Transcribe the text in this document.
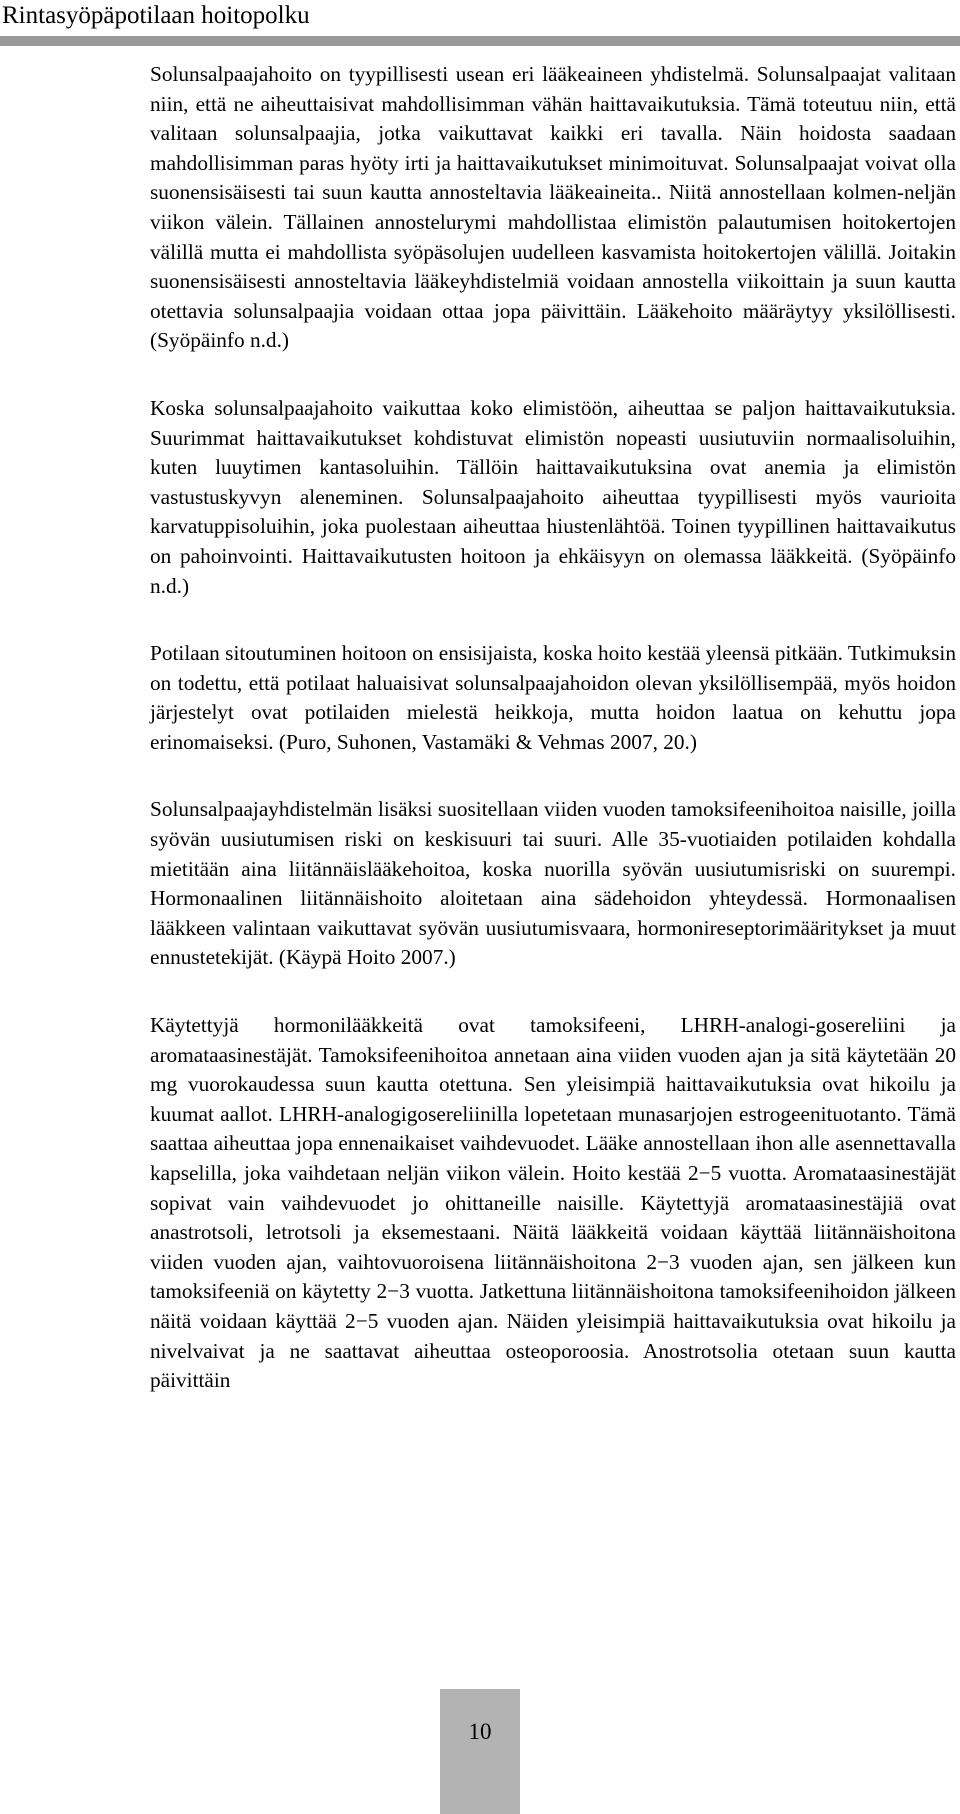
Rintasyöpäpotilaan hoitopolku

Solunsalpaajahoito on tyypillisesti usean eri lääkeaineen yhdistelmä. Solunsalpaajat valitaan niin, että ne aiheuttaisivat mahdollisimman vähän haittavaikutuksia. Tämä toteutuu niin, että valitaan solunsalpaajia, jotka vaikuttavat kaikki eri tavalla. Näin hoidosta saadaan mahdollisimman paras hyöty irti ja haittavaikutukset minimoituvat. Solunsalpaajat voivat olla suonensisäisesti tai suun kautta annosteltavia lääkeaineita.. Niitä annostellaan kolmen-neljän viikon välein. Tällainen annostelurymi mahdollistaa elimistön palautumisen hoitokertojen välillä mutta ei mahdollista syöpäsolujen uudelleen kasvamista hoitokertojen välillä. Joitakin suonensisäisesti annosteltavia lääkeyhdistelmiä voidaan annostella viikoittain ja suun kautta otettavia solunsalpaajia voidaan ottaa jopa päivittäin. Lääkehoito määräytyy yksilöllisesti. (Syöpäinfo n.d.)

Koska solunsalpaajahoito vaikuttaa koko elimistöön, aiheuttaa se paljon haittavaikutuksia. Suurimmat haittavaikutukset kohdistuvat elimistön nopeasti uusiutuviin normaalisoluihin, kuten luuytimen kantasoluihin. Tällöin haittavaikutuksina ovat anemia ja elimistön vastustuskyvyn aleneminen. Solunsalpaajahoito aiheuttaa tyypillisesti myös vaurioita karvatuppisoluihin, joka puolestaan aiheuttaa hiustenlähtöä. Toinen tyypillinen haittavaikutus on pahoinvointi. Haittavaikutusten hoitoon ja ehkäisyyn on olemassa lääkkeitä. (Syöpäinfo n.d.)

Potilaan sitoutuminen hoitoon on ensisijaista, koska hoito kestää yleensä pitkään. Tutkimuksin on todettu, että potilaat haluaisivat solunsalpaajahoidon olevan yksilöllisempää, myös hoidon järjestelyt ovat potilaiden mielestä heikkoja, mutta hoidon laatua on kehuttu jopa erinomaiseksi. (Puro, Suhonen, Vastamäki & Vehmas 2007, 20.)

Solunsalpaajayhdistelmän lisäksi suositellaan viiden vuoden tamoksifeenihoitoa naisille, joilla syövän uusiutumisen riski on keskisuuri tai suuri. Alle 35-vuotiaiden potilaiden kohdalla mietitään aina liitännäislääkehoitoa, koska nuorilla syövän uusiutumisriski on suurempi. Hormonaalinen liitännäishoito aloitetaan aina sädehoidon yhteydessä. Hormonaalisen lääkkeen valintaan vaikuttavat syövän uusiutumisvaara, hormonireseptorimääritykset ja muut ennustetekijät. (Käypä Hoito 2007.)

Käytettyjä hormonilääkkeitä ovat tamoksifeeni, LHRH-analogi-gosereliini ja aromataasinestäjät. Tamoksifeenihoitoa annetaan aina viiden vuoden ajan ja sitä käytetään 20 mg vuorokaudessa suun kautta otettuna. Sen yleisimpiä haittavaikutuksia ovat hikoilu ja kuumat aallot. LHRH-analogigosereliinilla lopetetaan munasarjojen estrogeenituotanto. Tämä saattaa aiheuttaa jopa ennenaikaiset vaihdevuodet. Lääke annostellaan ihon alle asennettavalla kapselilla, joka vaihdetaan neljän viikon välein. Hoito kestää 2−5 vuotta. Aromataasinestäjät sopivat vain vaihdevuodet jo ohittaneille naisille. Käytettyjä aromataasinestäjiä ovat anastrotsoli, letrotsoli ja eksemestaani. Näitä lääkkeitä voidaan käyttää liitännäishoitona viiden vuoden ajan, vaihtovuoroisena liitännäishoitona 2−3 vuoden ajan, sen jälkeen kun tamoksifeeniä on käytetty 2−3 vuotta. Jatkettuna liitännäishoitona tamoksifeenihoidon jälkeen näitä voidaan käyttää 2−5 vuoden ajan. Näiden yleisimpiä haittavaikutuksia ovat hikoilu ja nivelvaivat ja ne saattavat aiheuttaa osteoporoosia. Anostrotsolia otetaan suun kautta päivittäin

10
